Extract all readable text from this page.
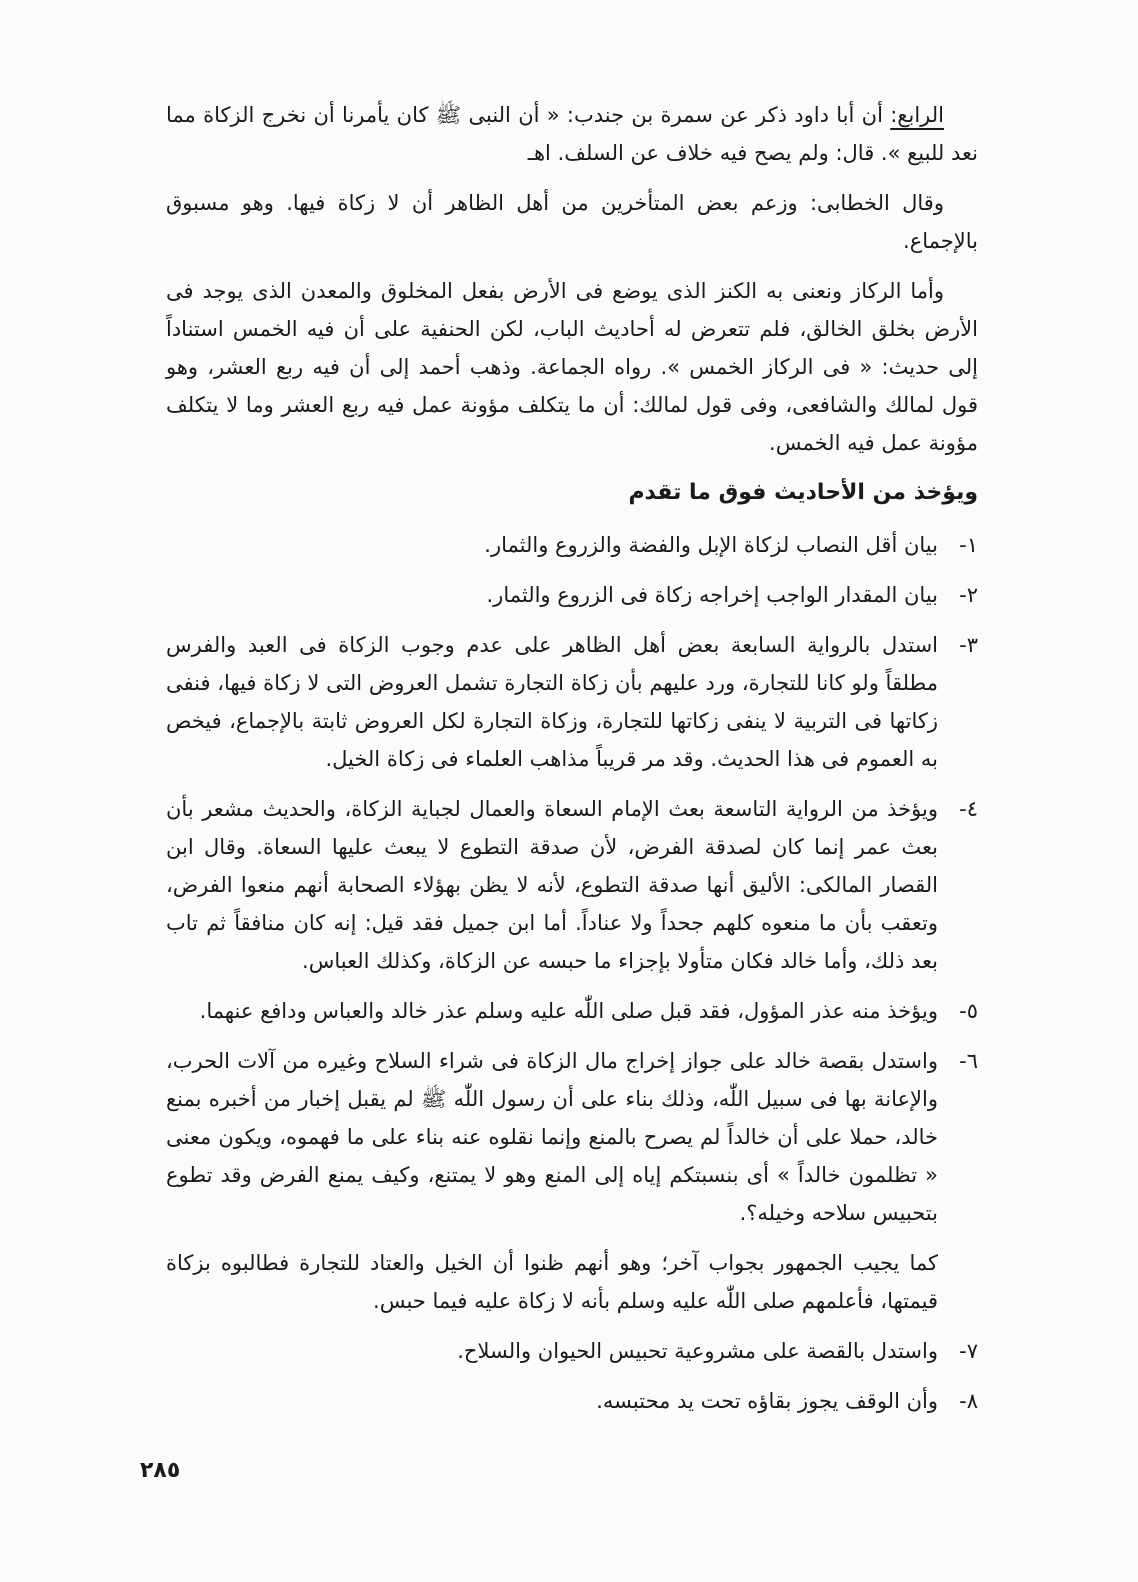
الرابع: أن أبا داود ذكر عن سمرة بن جندب: « أن النبى ﷺ كان يأمرنا أن نخرج الزكاة مما نعد للبيع ». قال: ولم يصح فيه خلاف عن السلف. اهـ

وقال الخطابى: وزعم بعض المتأخرين من أهل الظاهر أن لا زكاة فيها. وهو مسبوق بالإجماع.

وأما الركاز ونعنى به الكنز الذى يوضع فى الأرض بفعل المخلوق والمعدن الذى يوجد فى الأرض بخلق الخالق، فلم تتعرض له أحاديث الباب، لكن الحنفية على أن فيه الخمس استناداً إلى حديث: « فى الركاز الخمس ». رواه الجماعة. وذهب أحمد إلى أن فيه ربع العشر، وهو قول لمالك والشافعى، وفى قول لمالك: أن ما يتكلف مؤونة عمل فيه ربع العشر وما لا يتكلف مؤونة عمل فيه الخمس.

ويؤخذ من الأحاديث فوق ما تقدم
١-
بيان أقل النصاب لزكاة الإبل والفضة والزروع والثمار.
٢-
بيان المقدار الواجب إخراجه زكاة فى الزروع والثمار.
٣-
استدل بالرواية السابعة بعض أهل الظاهر على عدم وجوب الزكاة فى العبد والفرس مطلقاً ولو كانا للتجارة، ورد عليهم بأن زكاة التجارة تشمل العروض التى لا زكاة فيها، فنفى زكاتها فى التربية لا ينفى زكاتها للتجارة، وزكاة التجارة لكل العروض ثابتة بالإجماع، فيخص به العموم فى هذا الحديث. وقد مر قريباً مذاهب العلماء فى زكاة الخيل.
٤-
ويؤخذ من الرواية التاسعة بعث الإمام السعاة والعمال لجباية الزكاة، والحديث مشعر بأن بعث عمر إنما كان لصدقة الفرض، لأن صدقة التطوع لا يبعث عليها السعاة. وقال ابن القصار المالكى: الأليق أنها صدقة التطوع، لأنه لا يظن بهؤلاء الصحابة أنهم منعوا الفرض، وتعقب بأن ما منعوه كلهم جحداً ولا عناداً. أما ابن جميل فقد قيل: إنه كان منافقاً ثم تاب بعد ذلك، وأما خالد فكان متأولا بإجزاء ما حبسه عن الزكاة، وكذلك العباس.
٥-
ويؤخذ منه عذر المؤول، فقد قبل صلى اللّٰه عليه وسلم عذر خالد والعباس ودافع عنهما.
٦-
واستدل بقصة خالد على جواز إخراج مال الزكاة فى شراء السلاح وغيره من آلات الحرب، والإعانة بها فى سبيل اللّٰه، وذلك بناء على أن رسول اللّٰه ﷺ لم يقبل إخبار من أخبره بمنع خالد، حملا على أن خالداً لم يصرح بالمنع وإنما نقلوه عنه بناء على ما فهموه، ويكون معنى « تظلمون خالداً » أى بنسبتكم إياه إلى المنع وهو لا يمتنع، وكيف يمنع الفرض وقد تطوع بتحبيس سلاحه وخيله؟.

كما يجيب الجمهور بجواب آخر؛ وهو أنهم ظنوا أن الخيل والعتاد للتجارة فطالبوه بزكاة قيمتها، فأعلمهم صلى اللّٰه عليه وسلم بأنه لا زكاة عليه فيما حبس.

٧-
واستدل بالقصة على مشروعية تحبيس الحيوان والسلاح.
٨-
وأن الوقف يجوز بقاؤه تحت يد محتبسه.
٢٨٥
